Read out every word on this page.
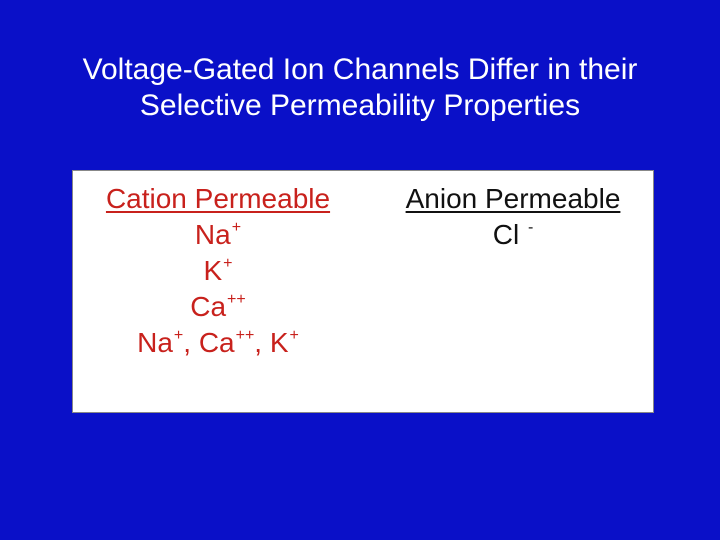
Voltage-Gated Ion Channels Differ in their
Selective Permeability Properties
Cation Permeable
Na+
K+
Ca++
Na+, Ca++, K+
Anion Permeable
Cl -
